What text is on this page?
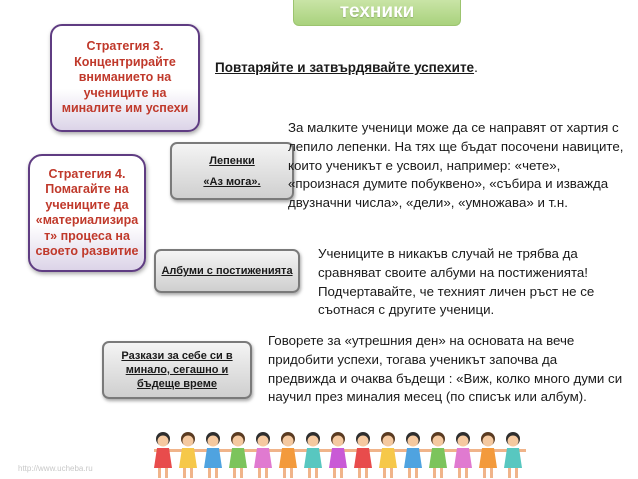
техники
Стратегия 3. Концентрирайте вниманието на учениците на миналите им успехи
Стратегия 4. Помагайте на учениците да «материализира т» процеса на своето развитие
Лепенки
«Аз мога».
Албуми с постиженията
Разкази за себе си в минало, сегашно и бъдеще време
Повтаряйте и затвърдявайте успехите.
За малките ученици може да се направят от хартия с лепило лепенки. На тях ще бъдат посочени навиците, които ученикът е усвоил, например: «чете», «произнася думите побуквено», «събира и изважда двузначни числа», «дели», «умножава» и т.н.
Учениците в никакъв случай не трябва да сравняват своите албуми на постиженията! Подчертавайте, че техният личен ръст не се съотнася с другите ученици.
Говорете за «утрешния ден» на основата на вече придобити успехи, тогава ученикът започва да предвижда и очаква бъдещи : «Виж, колко много думи си научил през миналия месец (по списък или албум).
http://www.ucheba.ru
